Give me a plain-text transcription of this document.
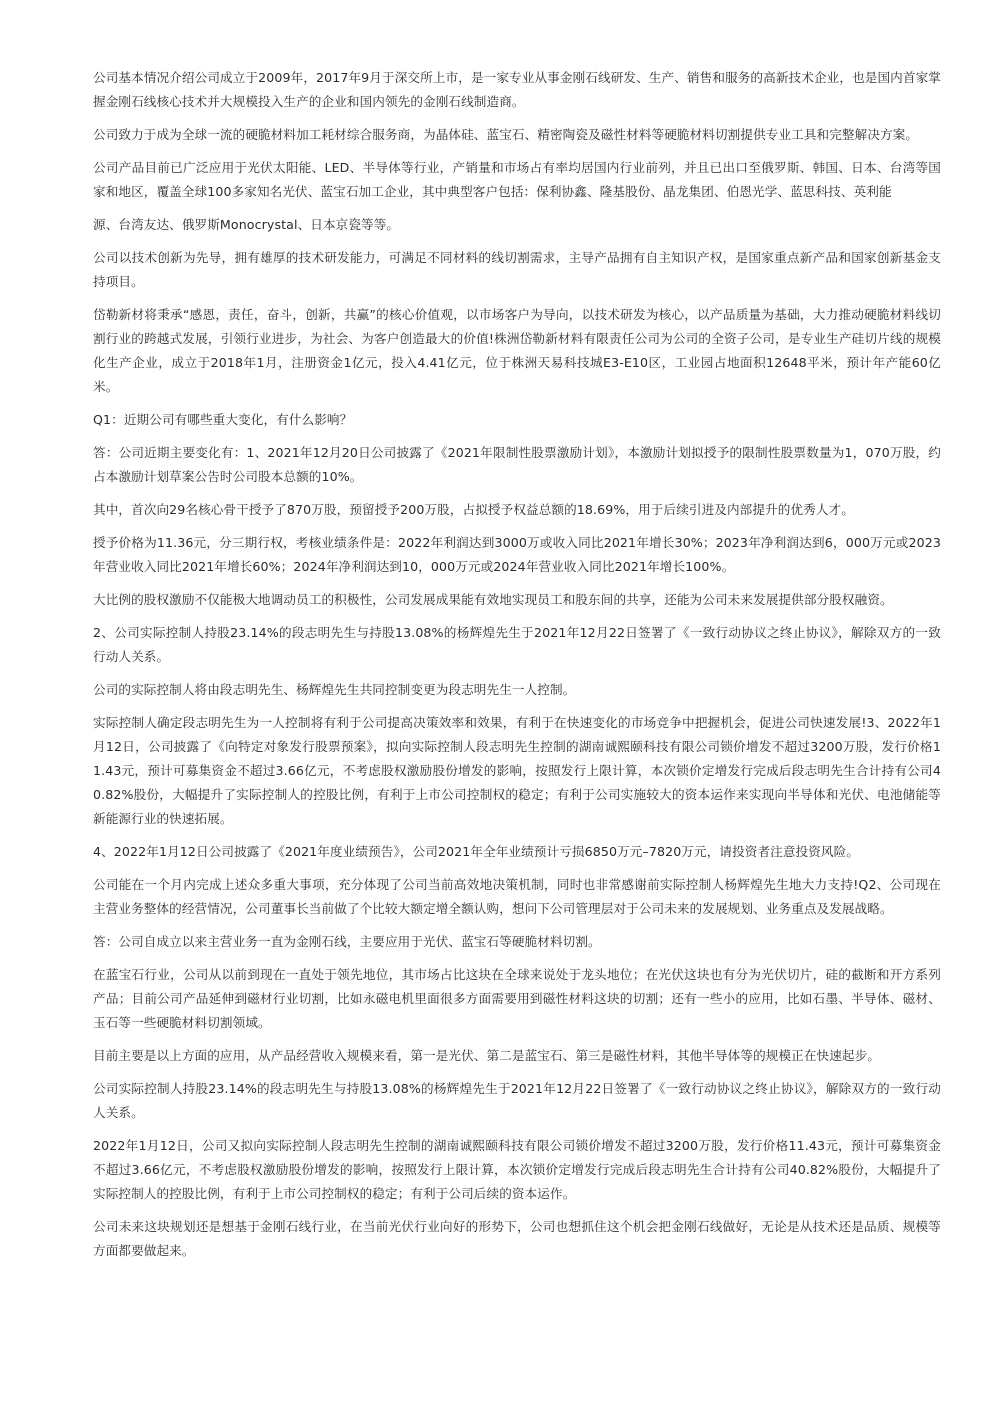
公司基本情况介绍公司成立于2009年，2017年9月于深交所上市，是一家专业从事金刚石线研发、生产、销售和服务的高新技术企业，也是国内首家掌握金刚石线核心技术并大规模投入生产的企业和国内领先的金刚石线制造商。

公司致力于成为全球一流的硬脆材料加工耗材综合服务商，为晶体硅、蓝宝石、精密陶瓷及磁性材料等硬脆材料切割提供专业工具和完整解决方案。

公司产品目前已广泛应用于光伏太阳能、LED、半导体等行业，产销量和市场占有率均居国内行业前列，并且已出口至俄罗斯、韩国、日本、台湾等国家和地区，覆盖全球100多家知名光伏、蓝宝石加工企业，其中典型客户包括：保利协鑫、隆基股份、晶龙集团、伯恩光学、蓝思科技、英利能

源、台湾友达、俄罗斯Monocrystal、日本京瓷等等。

公司以技术创新为先导，拥有雄厚的技术研发能力，可满足不同材料的线切割需求，主导产品拥有自主知识产权，是国家重点新产品和国家创新基金支持项目。

岱勒新材将秉承“感恩，责任，奋斗，创新，共赢”的核心价值观，以市场客户为导向，以技术研发为核心，以产品质量为基础，大力推动硬脆材料线切割行业的跨越式发展，引领行业进步，为社会、为客户创造最大的价值!株洲岱勒新材料有限责任公司为公司的全资子公司，是专业生产硅切片线的规模化生产企业，成立于2018年1月，注册资金1亿元，投入4.41亿元，位于株洲天易科技城E3-E10区，工业园占地面积12648平米，预计年产能60亿米。

Q1：近期公司有哪些重大变化，有什么影响？

答：公司近期主要变化有：1、2021年12月20日公司披露了《2021年限制性股票激励计划》，本激励计划拟授予的限制性股票数量为1，070万股，约占本激励计划草案公告时公司股本总额的10%。

其中，首次向29名核心骨干授予了870万股，预留授予200万股，占拟授予权益总额的18.69%，用于后续引进及内部提升的优秀人才。

授予价格为11.36元，分三期行权，考核业绩条件是：2022年利润达到3000万或收入同比2021年增长30%；2023年净利润达到6，000万元或2023年营业收入同比2021年增长60%；2024年净利润达到10，000万元或2024年营业收入同比2021年增长100%。

大比例的股权激励不仅能极大地调动员工的积极性，公司发展成果能有效地实现员工和股东间的共享，还能为公司未来发展提供部分股权融资。

2、公司实际控制人持股23.14%的段志明先生与持股13.08%的杨辉煌先生于2021年12月22日签署了《一致行动协议之终止协议》，解除双方的一致行动人关系。

公司的实际控制人将由段志明先生、杨辉煌先生共同控制变更为段志明先生一人控制。

实际控制人确定段志明先生为一人控制将有利于公司提高决策效率和效果，有利于在快速变化的市场竞争中把握机会，促进公司快速发展!3、2022年1月12日，公司披露了《向特定对象发行股票预案》，拟向实际控制人段志明先生控制的湖南诚熙颐科技有限公司锁价增发不超过3200万股，发行价格11.43元，预计可募集资金不超过3.66亿元，不考虑股权激励股份增发的影响，按照发行上限计算，本次锁价定增发行完成后段志明先生合计持有公司40.82%股份，大幅提升了实际控制人的控股比例，有利于上市公司控制权的稳定；有利于公司实施较大的资本运作来实现向半导体和光伏、电池储能等新能源行业的快速拓展。

4、2022年1月12日公司披露了《2021年度业绩预告》，公司2021年全年业绩预计亏损6850万元–7820万元，请投资者注意投资风险。

公司能在一个月内完成上述众多重大事项，充分体现了公司当前高效地决策机制，同时也非常感谢前实际控制人杨辉煌先生地大力支持!Q2、公司现在主营业务整体的经营情况，公司董事长当前做了个比较大额定增全额认购，想问下公司管理层对于公司未来的发展规划、业务重点及发展战略。

答：公司自成立以来主营业务一直为金刚石线，主要应用于光伏、蓝宝石等硬脆材料切割。

在蓝宝石行业，公司从以前到现在一直处于领先地位，其市场占比这块在全球来说处于龙头地位；在光伏这块也有分为光伏切片，硅的截断和开方系列产品；目前公司产品延伸到磁材行业切割，比如永磁电机里面很多方面需要用到磁性材料这块的切割；还有一些小的应用，比如石墨、半导体、磁材、玉石等一些硬脆材料切割领域。

目前主要是以上方面的应用，从产品经营收入规模来看，第一是光伏、第二是蓝宝石、第三是磁性材料，其他半导体等的规模正在快速起步。

公司实际控制人持股23.14%的段志明先生与持股13.08%的杨辉煌先生于2021年12月22日签署了《一致行动协议之终止协议》，解除双方的一致行动人关系。

2022年1月12日，公司又拟向实际控制人段志明先生控制的湖南诚熙颐科技有限公司锁价增发不超过3200万股，发行价格11.43元，预计可募集资金不超过3.66亿元，不考虑股权激励股份增发的影响，按照发行上限计算，本次锁价定增发行完成后段志明先生合计持有公司40.82%股份，大幅提升了实际控制人的控股比例，有利于上市公司控制权的稳定；有利于公司后续的资本运作。

公司未来这块规划还是想基于金刚石线行业，在当前光伏行业向好的形势下，公司也想抓住这个机会把金刚石线做好，无论是从技术还是品质、规模等方面都要做起来。
